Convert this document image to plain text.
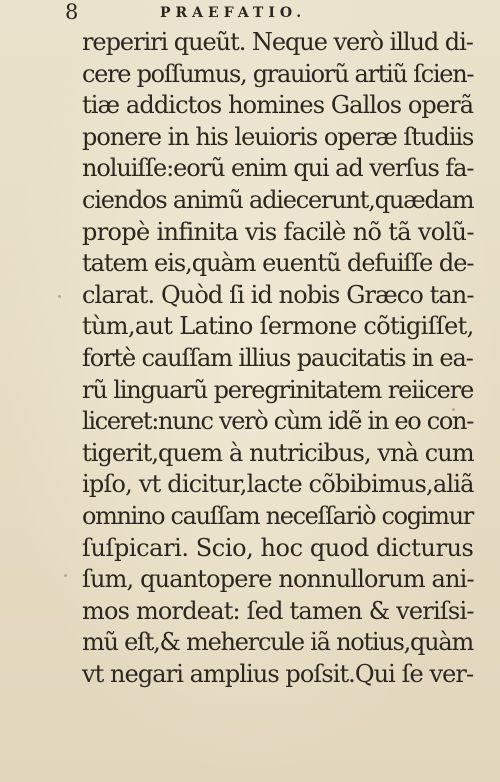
8	PRAEFATIO.
reperiri queũt. Neque verò illud di-
cere poſſumus, grauiorũ artiũ ſcien-
tiæ addictos homines Gallos operã
ponere in his leuioris operæ ſtudiis
noluiſſe:eorũ enim qui ad verſus fa-
ciendos animũ adiecerunt,quædam
propè infinita vis facilè nõ tã volũ-
tatem eis,quàm euentũ defuiſſe de-
clarat. Quòd ſi id nobis Græco tan-
tùm,aut Latino ſermone cõtigiſſet,
fortè cauſſam illius paucitatis in ea-
rũ linguarũ peregrinitatem reiicere
liceret:nunc verò cùm idẽ in eo con-
tigerit,quem à nutricibus, vnà cum
ipſo, vt dicitur,lacte cõbibimus,aliã
omnino cauſſam neceſſariò cogimur
ſuſpicari. Scio, hoc quod dicturus
ſum, quantopere nonnullorum ani-
mos mordeat: ſed tamen & veriſsi-
mũ eſt,& mehercule iã notius,quàm
vt negari amplius poſsit.Qui ſe ver-
